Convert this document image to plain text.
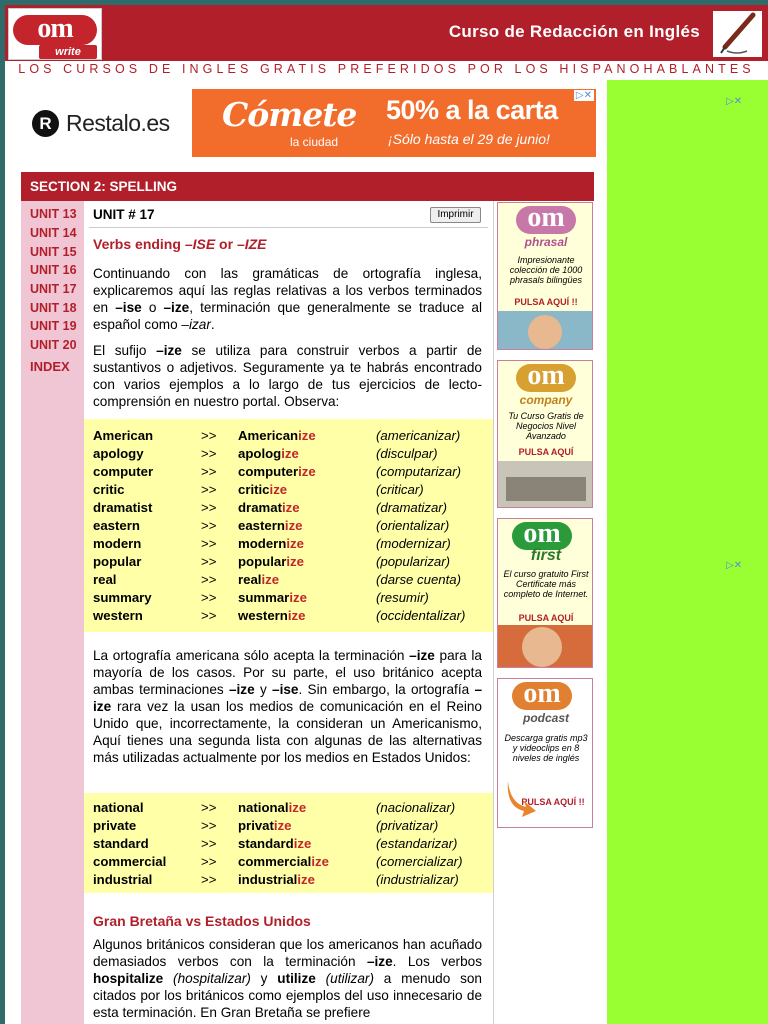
om
write
Curso de Redacción en Inglés
LOS CURSOS DE INGLES GRATIS PREFERIDOS POR LOS HISPANOHABLANTES
▷✕
▷✕
R Restalo.es Cómete
la ciudad
50% a la carta
¡Sólo hasta el 29 de junio!
▷✕
SECTION 2: SPELLING
UNIT 13
UNIT 14
UNIT 15
UNIT 16
UNIT 17
UNIT 18
UNIT 19
UNIT 20
INDEX
UNIT # 17	Imprimir
Verbs ending –ISE or –IZE
Continuando con las gramáticas de ortografía inglesa, explicaremos aquí las reglas relativas a los verbos terminados en –ise o –ize, terminación que generalmente se traduce al español como –izar.
El sufijo –ize se utiliza para construir verbos a partir de sustantivos o adjetivos. Seguramente ya te habrás encontrado con varios ejemplos a lo largo de tus ejercicios de lecto-comprensión en nuestro portal. Observa:
American	>> Americanize	(americanizar)
apology	>> apologize	(disculpar)
computer	>> computerize	(computarizar)
critic	>> criticize	(criticar)
dramatist	>> dramatize	(dramatizar)
eastern	>> easternize	(orientalizar)
modern	>> modernize	(modernizar)
popular	>> popularize	(popularizar)
real	>> realize	(darse cuenta)
summary	>> summarize	(resumir)
western	>> westernize	(occidentalizar)
La ortografía americana sólo acepta la terminación –ize para la mayoría de los casos. Por su parte, el uso británico acepta ambas terminaciones –ize y –ise. Sin embargo, la ortografía –ize rara vez la usan los medios de comunicación en el Reino Unido que, incorrectamente, la consideran un Americanismo, Aquí tienes una segunda lista con algunas de las alternativas más utilizadas actualmente por los medios en Estados Unidos:
national	>> nationalize	(nacionalizar)
private	>> privatize	(privatizar)
standard	>> standardize	(estandarizar)
commercial	>> commercialize	(comercializar)
industrial	>> industrialize	(industrializar)
Gran Bretaña vs Estados Unidos
Algunos británicos consideran que los americanos han acuñado demasiados verbos con la terminación –ize. Los verbos hospitalize (hospitalizar) y utilize (utilizar) a menudo son citados por los británicos como ejemplos del uso innecesario de esta terminación. En Gran Bretaña se prefiere
om
phrasal
Impresionante colección de 1000 phrasals bilingües
PULSA AQUÍ !!
om
company
Tu Curso Gratis de Negocios Nivel Avanzado
PULSA AQUÍ
om
first
El curso gratuito First Certificate más completo de Internet.
PULSA AQUÍ
om
podcast
Descarga gratis mp3 y videoclips en 8 niveles de inglés
PULSA AQUÍ !!
